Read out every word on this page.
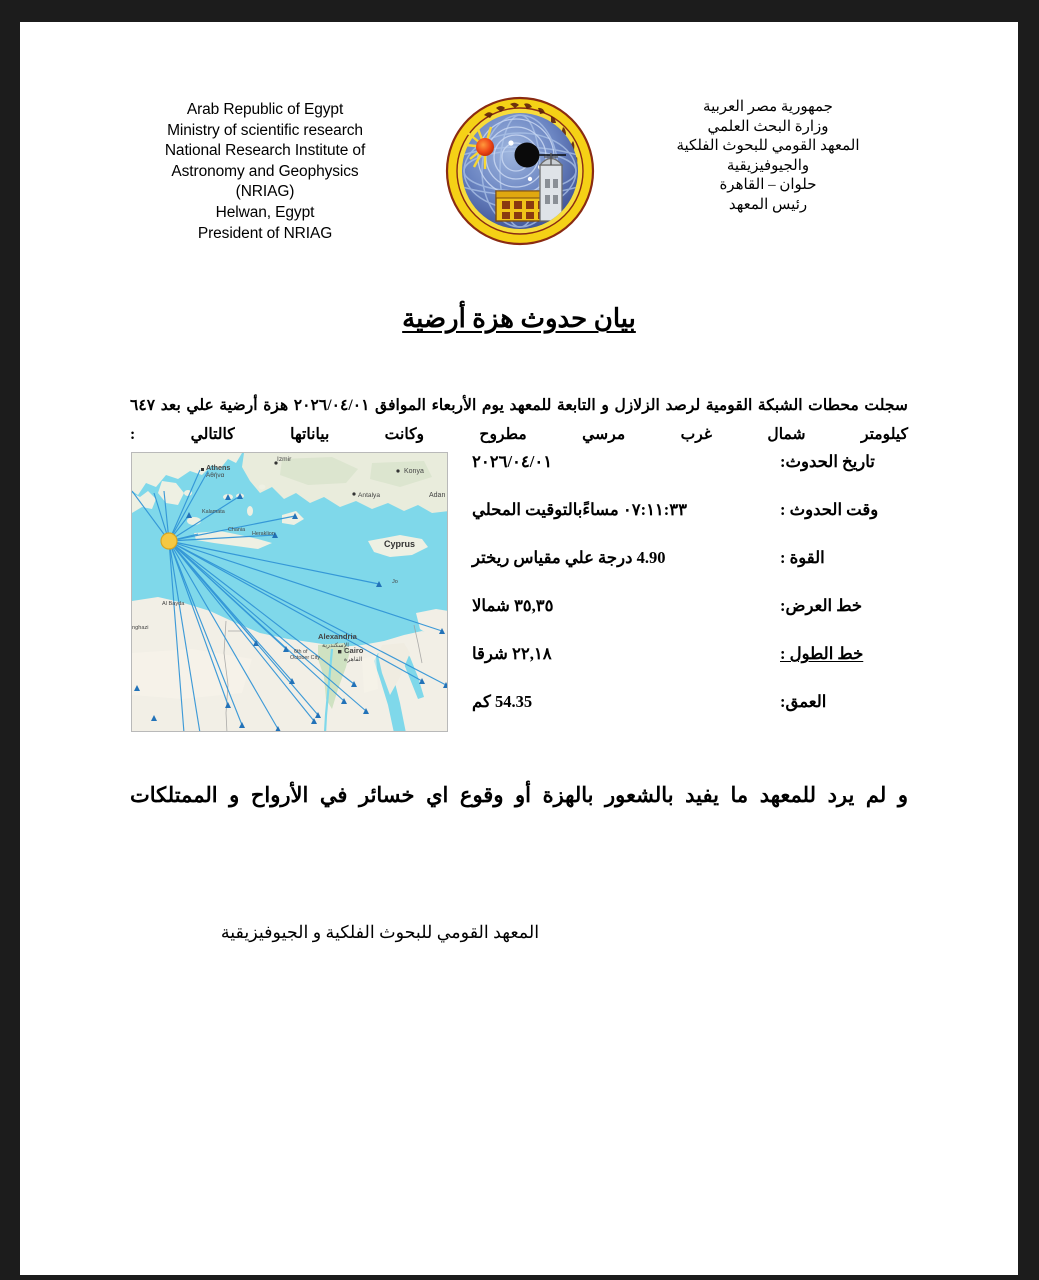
Arab Republic of Egypt
Ministry of scientific research
National Research Institute of
Astronomy and Geophysics
(NRIAG)
Helwan, Egypt
President of NRIAG
جمهورية مصر العربية
وزارة البحث العلمي
المعهد القومي للبحوث الفلكية
والجيوفيزيقية
حلوان – القاهرة
رئيس المعهد
بيان حدوث هزة أرضية
سجلت محطات الشبكة القومية لرصد الزلازل و التابعة للمعهد يوم الأربعاء الموافق ٢٠٢٦/٠٤/٠١ هزة أرضية علي بعد ٦٤٧ كيلومتر شمال غرب مرسي مطروح وكانت بياناتها كالتالي :
Athens
Αθήνα
Konya
Antalya	Adan
Izmir
Cyprus
Alexandria
الإسكندرية
Cairo
القاهرة
6th of
October City
Al Bayda
nghazi
Kalamata
Chania
Heraklion
Jo
تاريخ الحدوث:
٢٠٢٦/٠٤/٠١
وقت الحدوث :
٠٧:١١:٣٣ مساءًبالتوقيت المحلي
القوة :
4.90 درجة علي مقياس ريختر
خط العرض:
٣٥,٣٥ شمالا
خط الطول :
٢٢,١٨ شرقا
العمق:
54.35 كم
و لم يرد للمعهد ما يفيد بالشعور بالهزة أو وقوع اي خسائر في الأرواح و الممتلكات
المعهد القومي للبحوث الفلكية و الجيوفيزيقية
